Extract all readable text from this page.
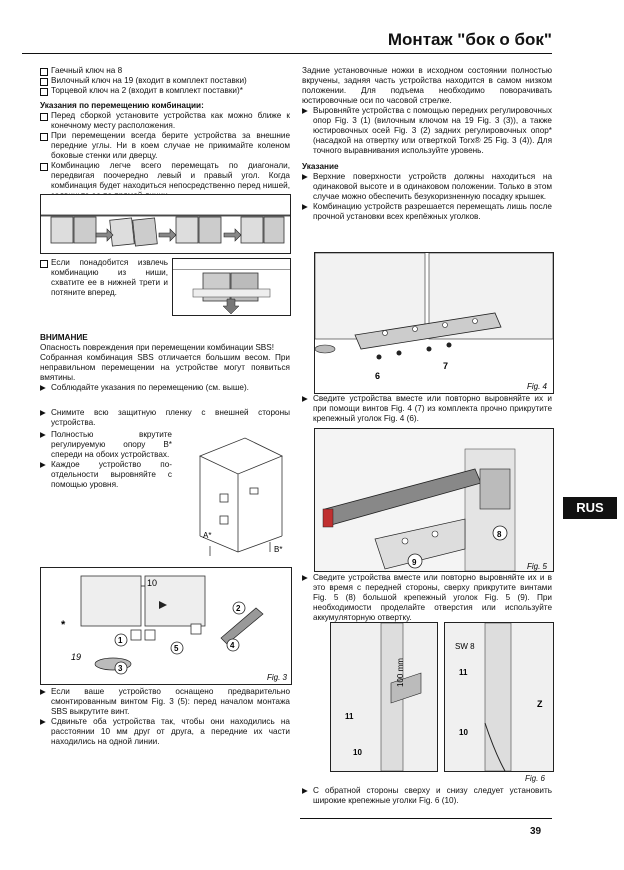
Монтаж "бок о бок"
Гаечный ключ на 8
Вилочный ключ на 19 (входит в комплект поставки)
Торцевой ключ на 2 (входит в комплект поставки)*
Указания по перемещению комбинации:
Перед сборкой установите устройства как можно ближе к конечному месту расположения.
При перемещении всегда берите устройства за внешние передние углы. Ни в коем случае не прикимайте коленом боковые стенки или дверцу.
Комбинацию легче всего перемещать по диагонали, передвигая поочередно левый и правый угол. Когда комбинация будет находиться непосредственно перед нишей,
Если понадобится извлечь комбинацию из ниши, схватите ее в нижней трети и потяните вперед.
ВНИМАНИЕ
Опасность повреждения при перемещении комбинации SBS!
Собранная комбинация SBS отличается большим весом. При неправильном перемещении на устройстве могут появиться вмятины.
▶ Соблюдайте указания по перемещению (см. выше).
▶ Снимите всю защитную пленку с внешней стороны устройства.
▶ Полностью вкрутите регулируемую опору B* спереди на обоих устройствах.
▶ Каждое устройство по- отдельности выровняйте с помощью уровня.
A*
B*
10
2
1
3
4
5
19
*
Fig. 3
▶ Если ваше устройство оснащено предварительно смонтированным винтом Fig. 3 (5): перед началом монтажа SBS выкрутите винт.
▶ Сдвиньте оба устройства так, чтобы они находились на расстоянии 10 мм друг от друга, а передние их части находились на одной линии.
Задние установочные ножки в исходном состоянии полностью вкручены, задняя часть устройства находится в самом низком положении. Для подъема необходимо поворачивать юстировочные оси по часовой стрелке.
▶ Выровняйте устройства с помощью передних регулировочных опор Fig. 3 (1) (вилочным ключом на 19 Fig. 3 (3)), а также юстировочных осей Fig. 3 (2) задних регулировочных опор* (насадкой на отвертку или отверткой Torx® 25 Fig. 3 (4)). Для точного выравнивания используйте уровень.
Указание
▶ Верхние поверхности устройств должны находиться на одинаковой высоте и в одинаковом положении. Только в этом случае можно обеспечить безукоризненную посадку крышек.
▶ Комбинацию устройств разрешается перемещать лишь после прочной установки всех крепёжных уголков.
6
7
Fig. 4
▶ Сведите устройства вместе или повторно выровняйте их и при помощи винтов Fig. 4 (7) из комплекта прочно прикрутите крепежный уголок Fig. 4 (6).
8
9	Fig. 5
▶ Сведите устройства вместе или повторно выровняйте их и в это время с передней стороны, сверху прикрутите винтами Fig. 5 (8) большой крепежный уголок Fig. 5 (9). При необходимости проделайте отверстия или используйте аккумуляторную отвертку.
100 mm
11
10
SW 8
11
10
Z
Fig. 6
▶ С обратной стороны сверху и снизу следует установить широкие крепежные уголки Fig. 6 (10).
39
RUS
